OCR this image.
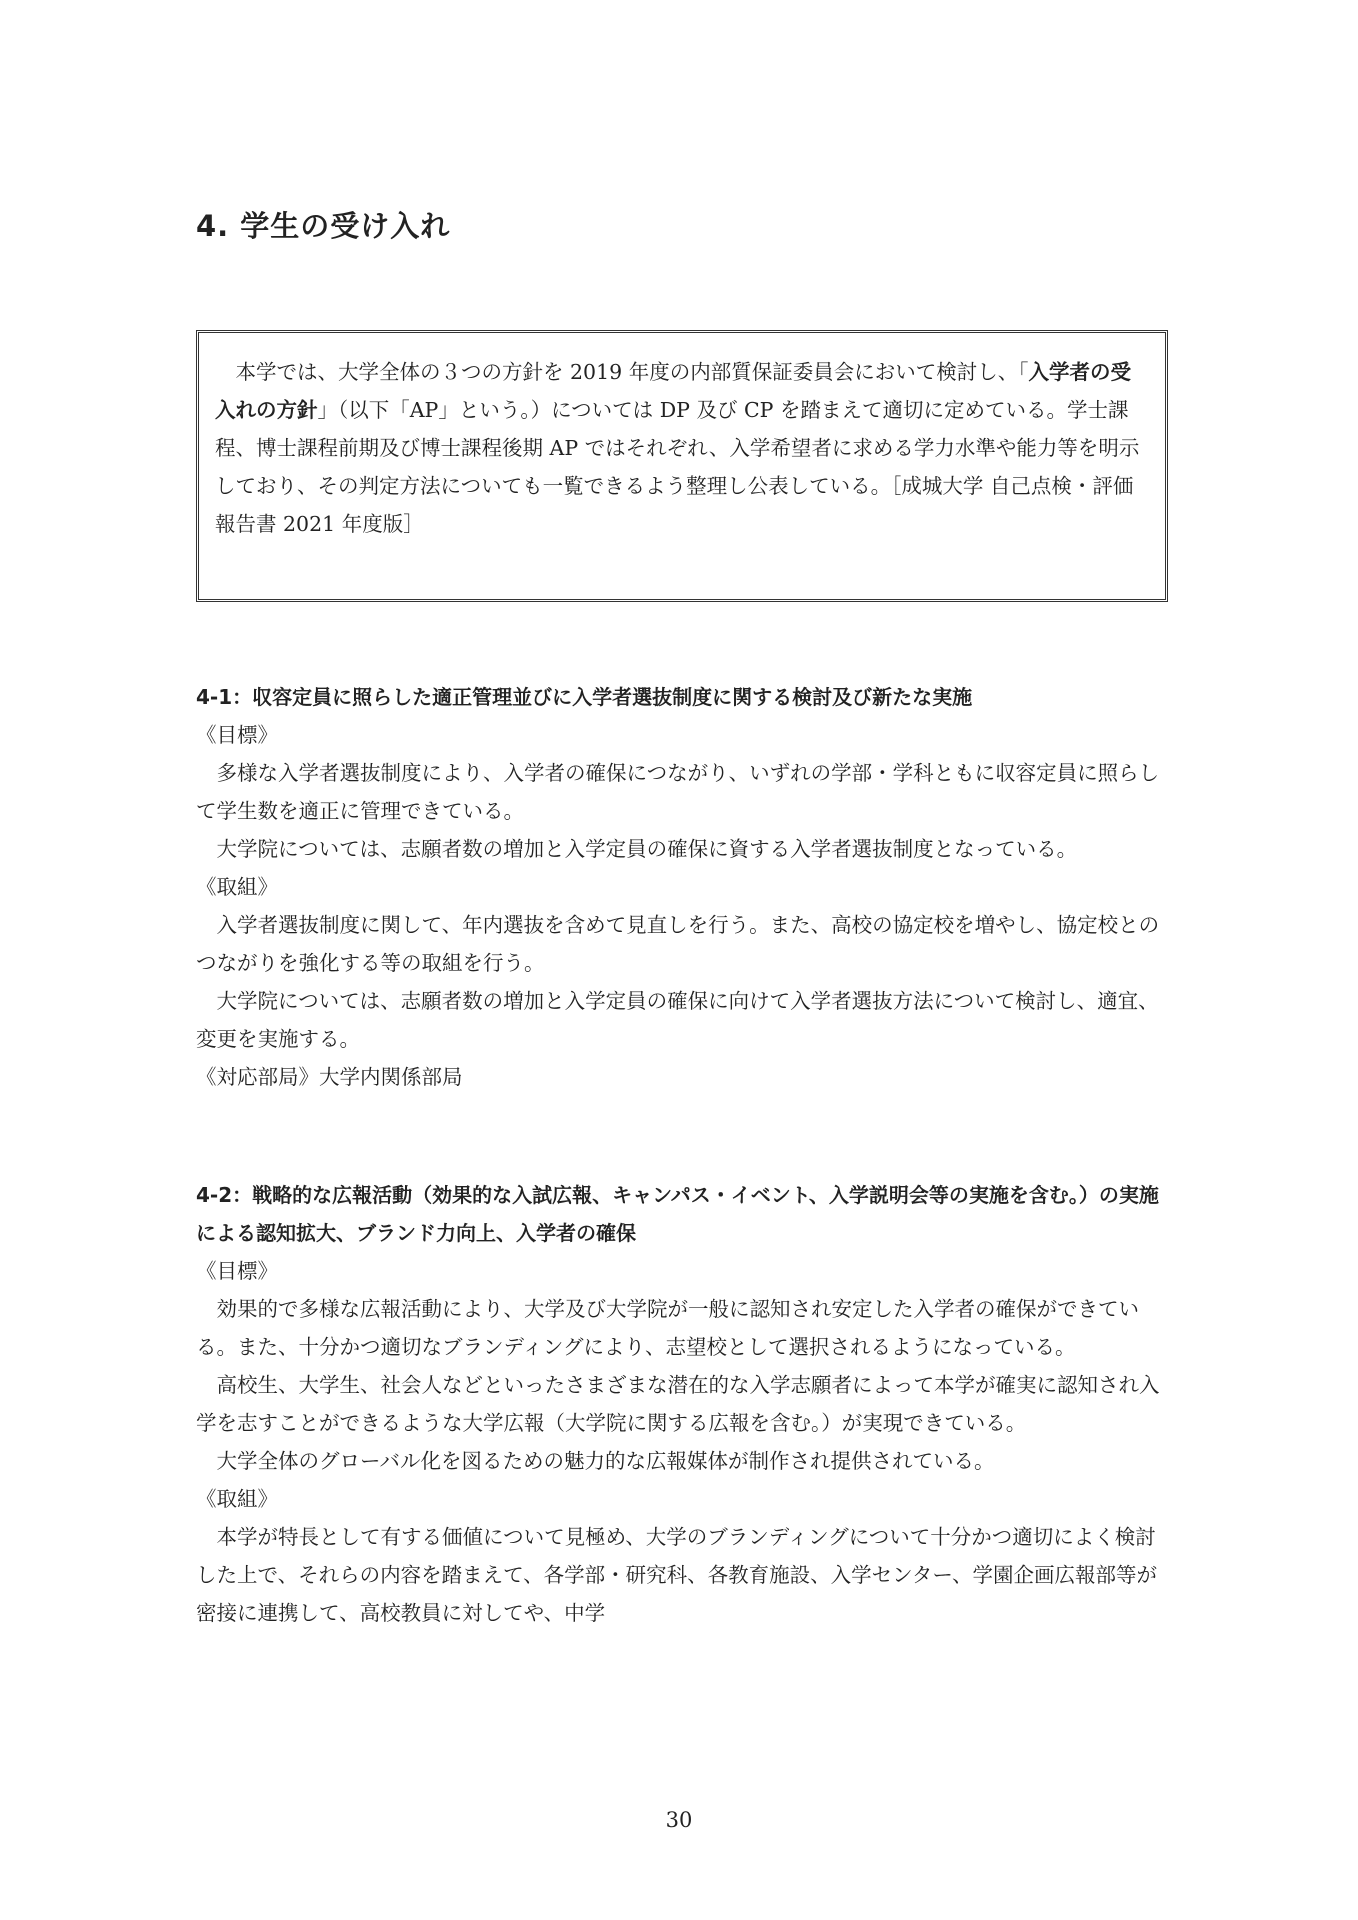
4. 学生の受け入れ

本学では、大学全体の３つの方針を 2019 年度の内部質保証委員会において検討し、「入学者の受入れの方針」（以下「AP」という。）については DP 及び CP を踏まえて適切に定めている。学士課程、博士課程前期及び博士課程後期 AP ではそれぞれ、入学希望者に求める学力水準や能力等を明示しており、その判定方法についても一覧できるよう整理し公表している。［成城大学 自己点検・評価報告書 2021 年度版］

4-1：収容定員に照らした適正管理並びに入学者選抜制度に関する検討及び新たな実施

《目標》

多様な入学者選抜制度により、入学者の確保につながり、いずれの学部・学科ともに収容定員に照らして学生数を適正に管理できている。

大学院については、志願者数の増加と入学定員の確保に資する入学者選抜制度となっている。

《取組》

入学者選抜制度に関して、年内選抜を含めて見直しを行う。また、高校の協定校を増やし、協定校とのつながりを強化する等の取組を行う。

大学院については、志願者数の増加と入学定員の確保に向けて入学者選抜方法について検討し、適宜、変更を実施する。

《対応部局》大学内関係部局

4-2：戦略的な広報活動（効果的な入試広報、キャンパス・イベント、入学説明会等の実施を含む。）の実施による認知拡大、ブランド力向上、入学者の確保

《目標》

効果的で多様な広報活動により、大学及び大学院が一般に認知され安定した入学者の確保ができている。また、十分かつ適切なブランディングにより、志望校として選択されるようになっている。

高校生、大学生、社会人などといったさまざまな潜在的な入学志願者によって本学が確実に認知され入学を志すことができるような大学広報（大学院に関する広報を含む。）が実現できている。

大学全体のグローバル化を図るための魅力的な広報媒体が制作され提供されている。

《取組》

本学が特長として有する価値について見極め、大学のブランディングについて十分かつ適切によく検討した上で、それらの内容を踏まえて、各学部・研究科、各教育施設、入学センター、学園企画広報部等が密接に連携して、高校教員に対してや、中学

30
